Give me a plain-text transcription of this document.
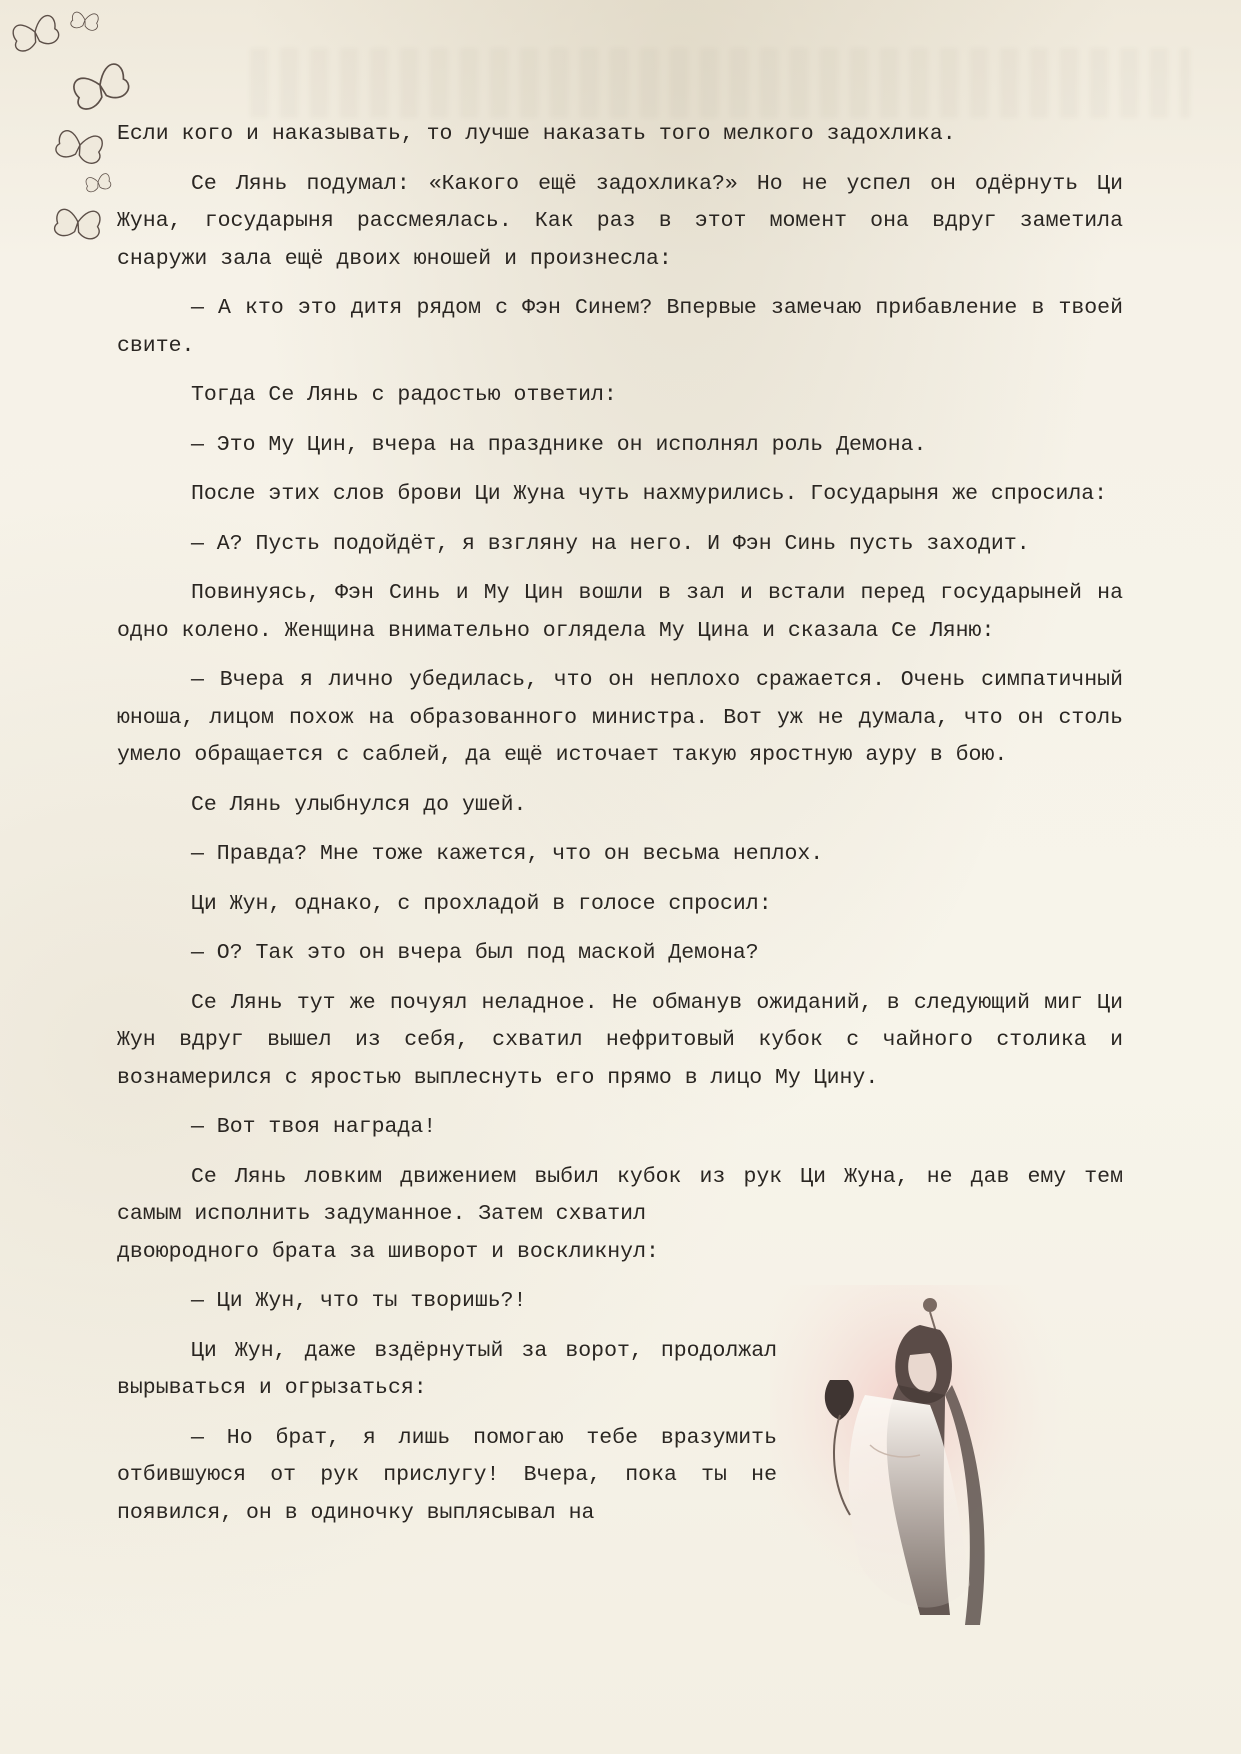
Если кого и наказывать, то лучше наказать того мелкого задохлика.

Се Лянь подумал: «Какого ещё задохлика?» Но не успел он одёрнуть Ци Жуна, государыня рассмеялась. Как раз в этот момент она вдруг заметила снаружи зала ещё двоих юношей и произнесла:

— А кто это дитя рядом с Фэн Синем? Впервые замечаю прибавление в твоей свите.

Тогда Се Лянь с радостью ответил:

— Это Му Цин, вчера на празднике он исполнял роль Демона.

После этих слов брови Ци Жуна чуть нахмурились. Государыня же спросила:

— А? Пусть подойдёт, я взгляну на него. И Фэн Синь пусть заходит.

Повинуясь, Фэн Синь и Му Цин вошли в зал и встали перед государыней на одно колено. Женщина внимательно оглядела Му Цина и сказала Се Ляню:

— Вчера я лично убедилась, что он неплохо сражается. Очень симпатичный юноша, лицом похож на образованного министра. Вот уж не думала, что он столь умело обращается с саблей, да ещё источает такую яростную ауру в бою.

Се Лянь улыбнулся до ушей.

— Правда? Мне тоже кажется, что он весьма неплох.

Ци Жун, однако, с прохладой в голосе спросил:

— О? Так это он вчера был под маской Демона?

Се Лянь тут же почуял неладное. Не обманув ожиданий, в следующий миг Ци Жун вдруг вышел из себя, схватил нефритовый кубок с чайного столика и вознамерился с яростью выплеснуть его прямо в лицо Му Цину.

— Вот твоя награда!

Се Лянь ловким движением выбил кубок из рук Ци Жуна, не дав ему тем самым исполнить задуманное. Затем схватил

двоюродного брата за шиворот и воскликнул:

— Ци Жун, что ты творишь?!

Ци Жун, даже вздёрнутый за ворот, продолжал вырываться и огрызаться:

— Но брат, я лишь помогаю тебе вразумить отбившуюся от рук прислугу! Вчера, пока ты не появился, он в одиночку выплясывал на
